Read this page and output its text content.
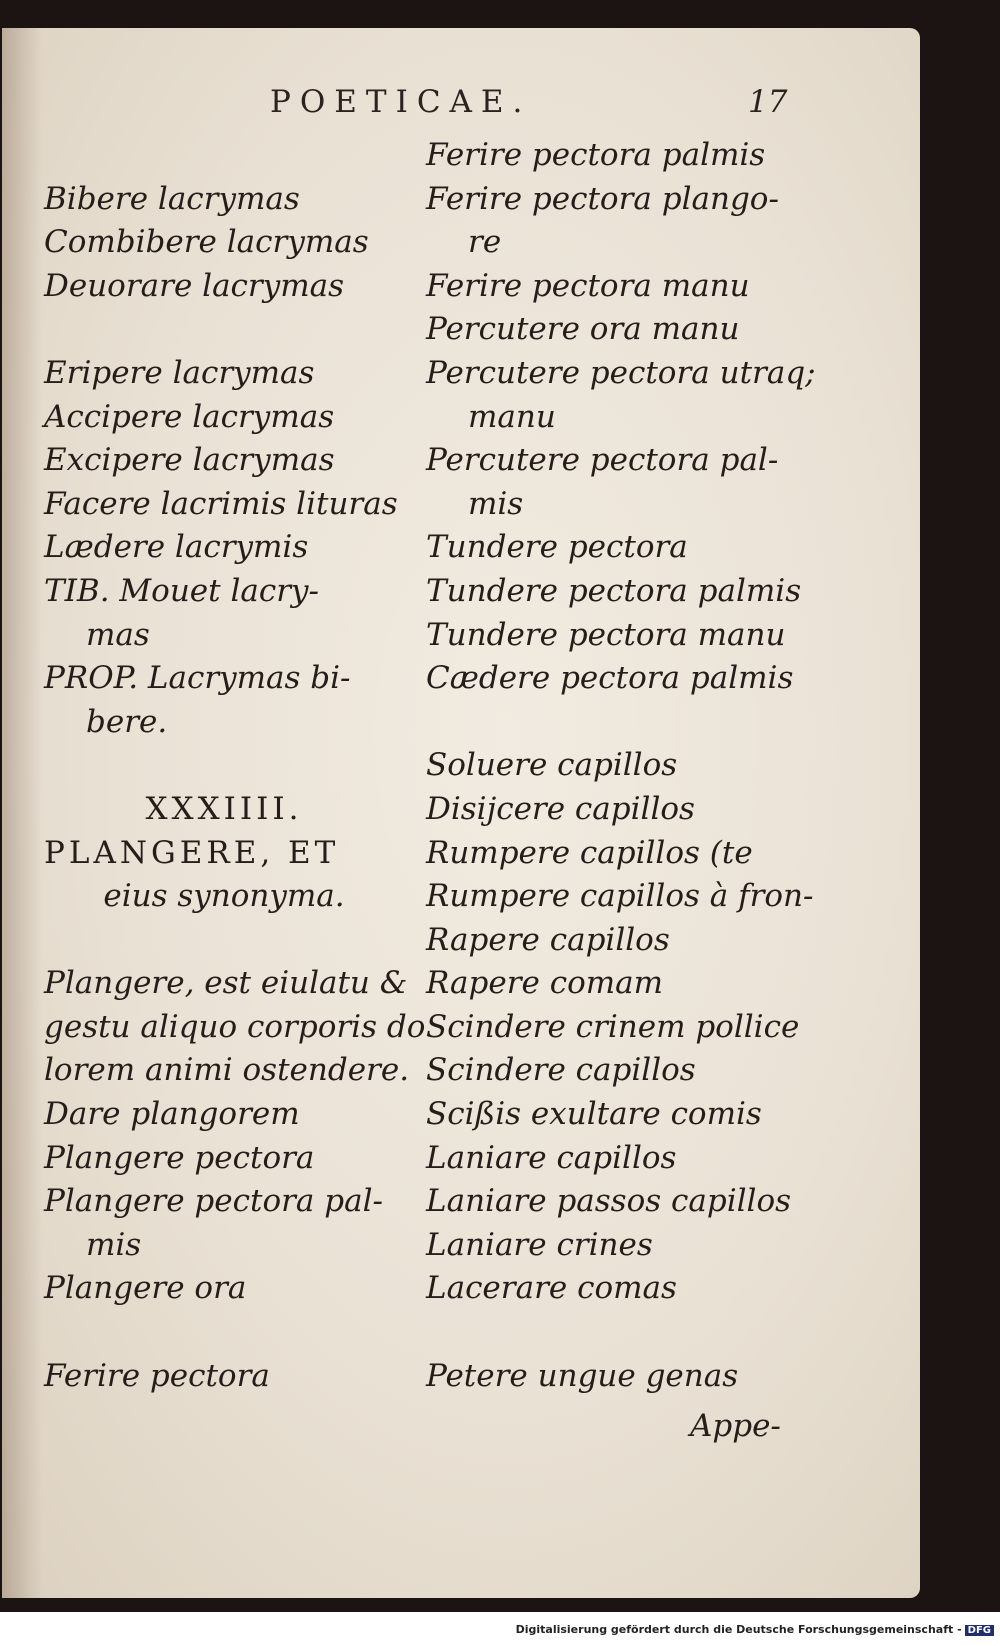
POETICAE.	17
Bibere lacrymas
Combibere lacrymas
Deuorare lacrymas
Eripere lacrymas
Accipere lacrymas
Excipere lacrymas
Facere lacrimis lituras
Lædere lacrymis
TIB. Mouet lacry-
mas
PROP. Lacrymas bi-
bere.
XXXIIII.
PLANGERE, ET
eius synonyma.
Plangere, est eiulatu &
gestu aliquo corporis do
lorem animi ostendere.
Dare plangorem
Plangere pectora
Plangere pectora pal-
mis
Plangere ora
Ferire pectora
Ferire pectora palmis
Ferire pectora plango-
re
Ferire pectora manu
Percutere ora manu
Percutere pectora utraq;
manu
Percutere pectora pal-
mis
Tundere pectora
Tundere pectora palmis
Tundere pectora manu
Cædere pectora palmis
Soluere capillos
Disijcere capillos
Rumpere capillos (te
Rumpere capillos à fron-
Rapere capillos
Rapere comam
Scindere crinem pollice
Scindere capillos
Scißis exultare comis
Laniare capillos
Laniare passos capillos
Laniare crines
Lacerare comas
Petere ungue genas
Appe-
Digitalisierung gefördert durch die Deutsche Forschungsgemeinschaft - DFG
